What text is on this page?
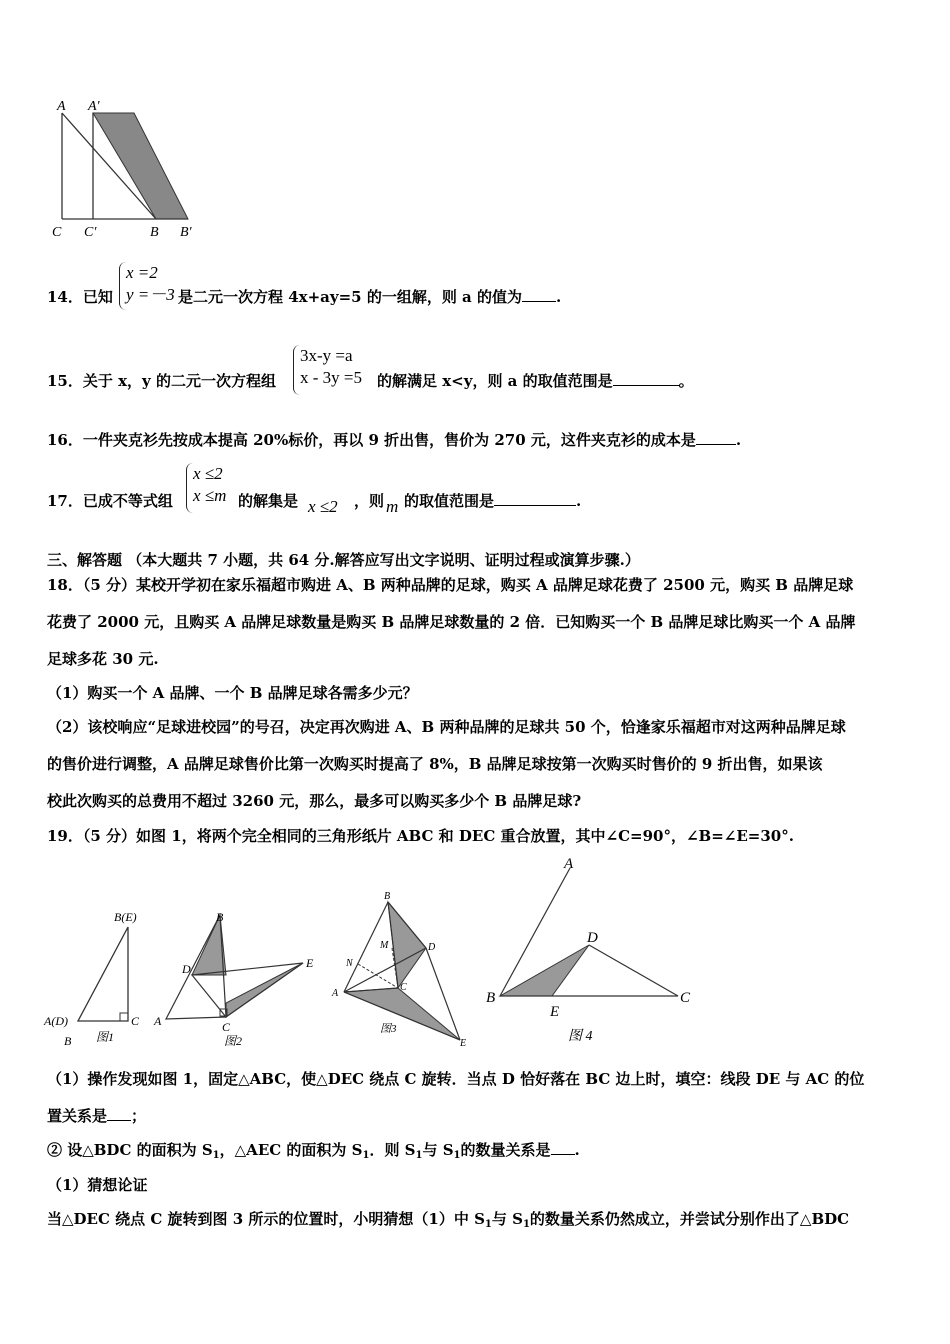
A A′
C C′	B B′
14．已知
x =2
y =－3 是二元一次方程 4x+ay=5 的一组解，则 a 的值为 .
15．关于 x，y 的二元一次方程组
3x-y =a
x - 3y =5 的解满足 x<y，则 a 的取值范围是	。
16．一件夹克衫先按成本提高 20%标价，再以 9 折出售，售价为 270 元，这件夹克衫的成本是	.
17．已成不等式组
x ≤2
x ≤m 的解集是 x ≤2 ，则 m 的取值范围是	.
三、解答题 （本大题共 7 小题，共 64 分.解答应写出文字说明、证明过程或演算步骤.）
18．（5 分）某校开学初在家乐福超市购进 A、B 两种品牌的足球，购买 A 品牌足球花费了 2500 元，购买 B 品牌足球
花费了 2000 元，且购买 A 品牌足球数量是购买 B 品牌足球数量的 2 倍．已知购买一个 B 品牌足球比购买一个 A 品牌
足球多花 30 元.
（1）购买一个 A 品牌、一个 B 品牌足球各需多少元？
（2）该校响应“足球进校园”的号召，决定再次购进 A、B 两种品牌的足球共 50 个，恰逢家乐福超市对这两种品牌足球
的售价进行调整，A 品牌足球售价比第一次购买时提高了 8%，B 品牌足球按第一次购买时售价的 9 折出售，如果该
校此次购买的总费用不超过 3260 元，那么，最多可以购买多少个 B 品牌足球?
19．（5 分）如图 1，将两个完全相同的三角形纸片 ABC 和 DEC 重合放置，其中∠C=90°，∠B=∠E=30°.
B(E)
A(D)	C
B 图1
B
D	E
A	C
图2
B
M	D
N
A
C
E
图3
A
D
B
E
C
图 4
（1）操作发现如图 1，固定△ABC，使△DEC 绕点 C 旋转．当点 D 恰好落在 BC 边上时，填空：线段 DE 与 AC 的位
置关系是 ；
② 设△BDC 的面积为 $S_1$，△AEC 的面积为 $S_1$．则 $S_1$与 $S_1$的数量关系是 .
（1）猜想论证
当△DEC 绕点 C 旋转到图 3 所示的位置时，小明猜想（1）中 $S_1$与 $S_1$的数量关系仍然成立，并尝试分别作出了△BDC
